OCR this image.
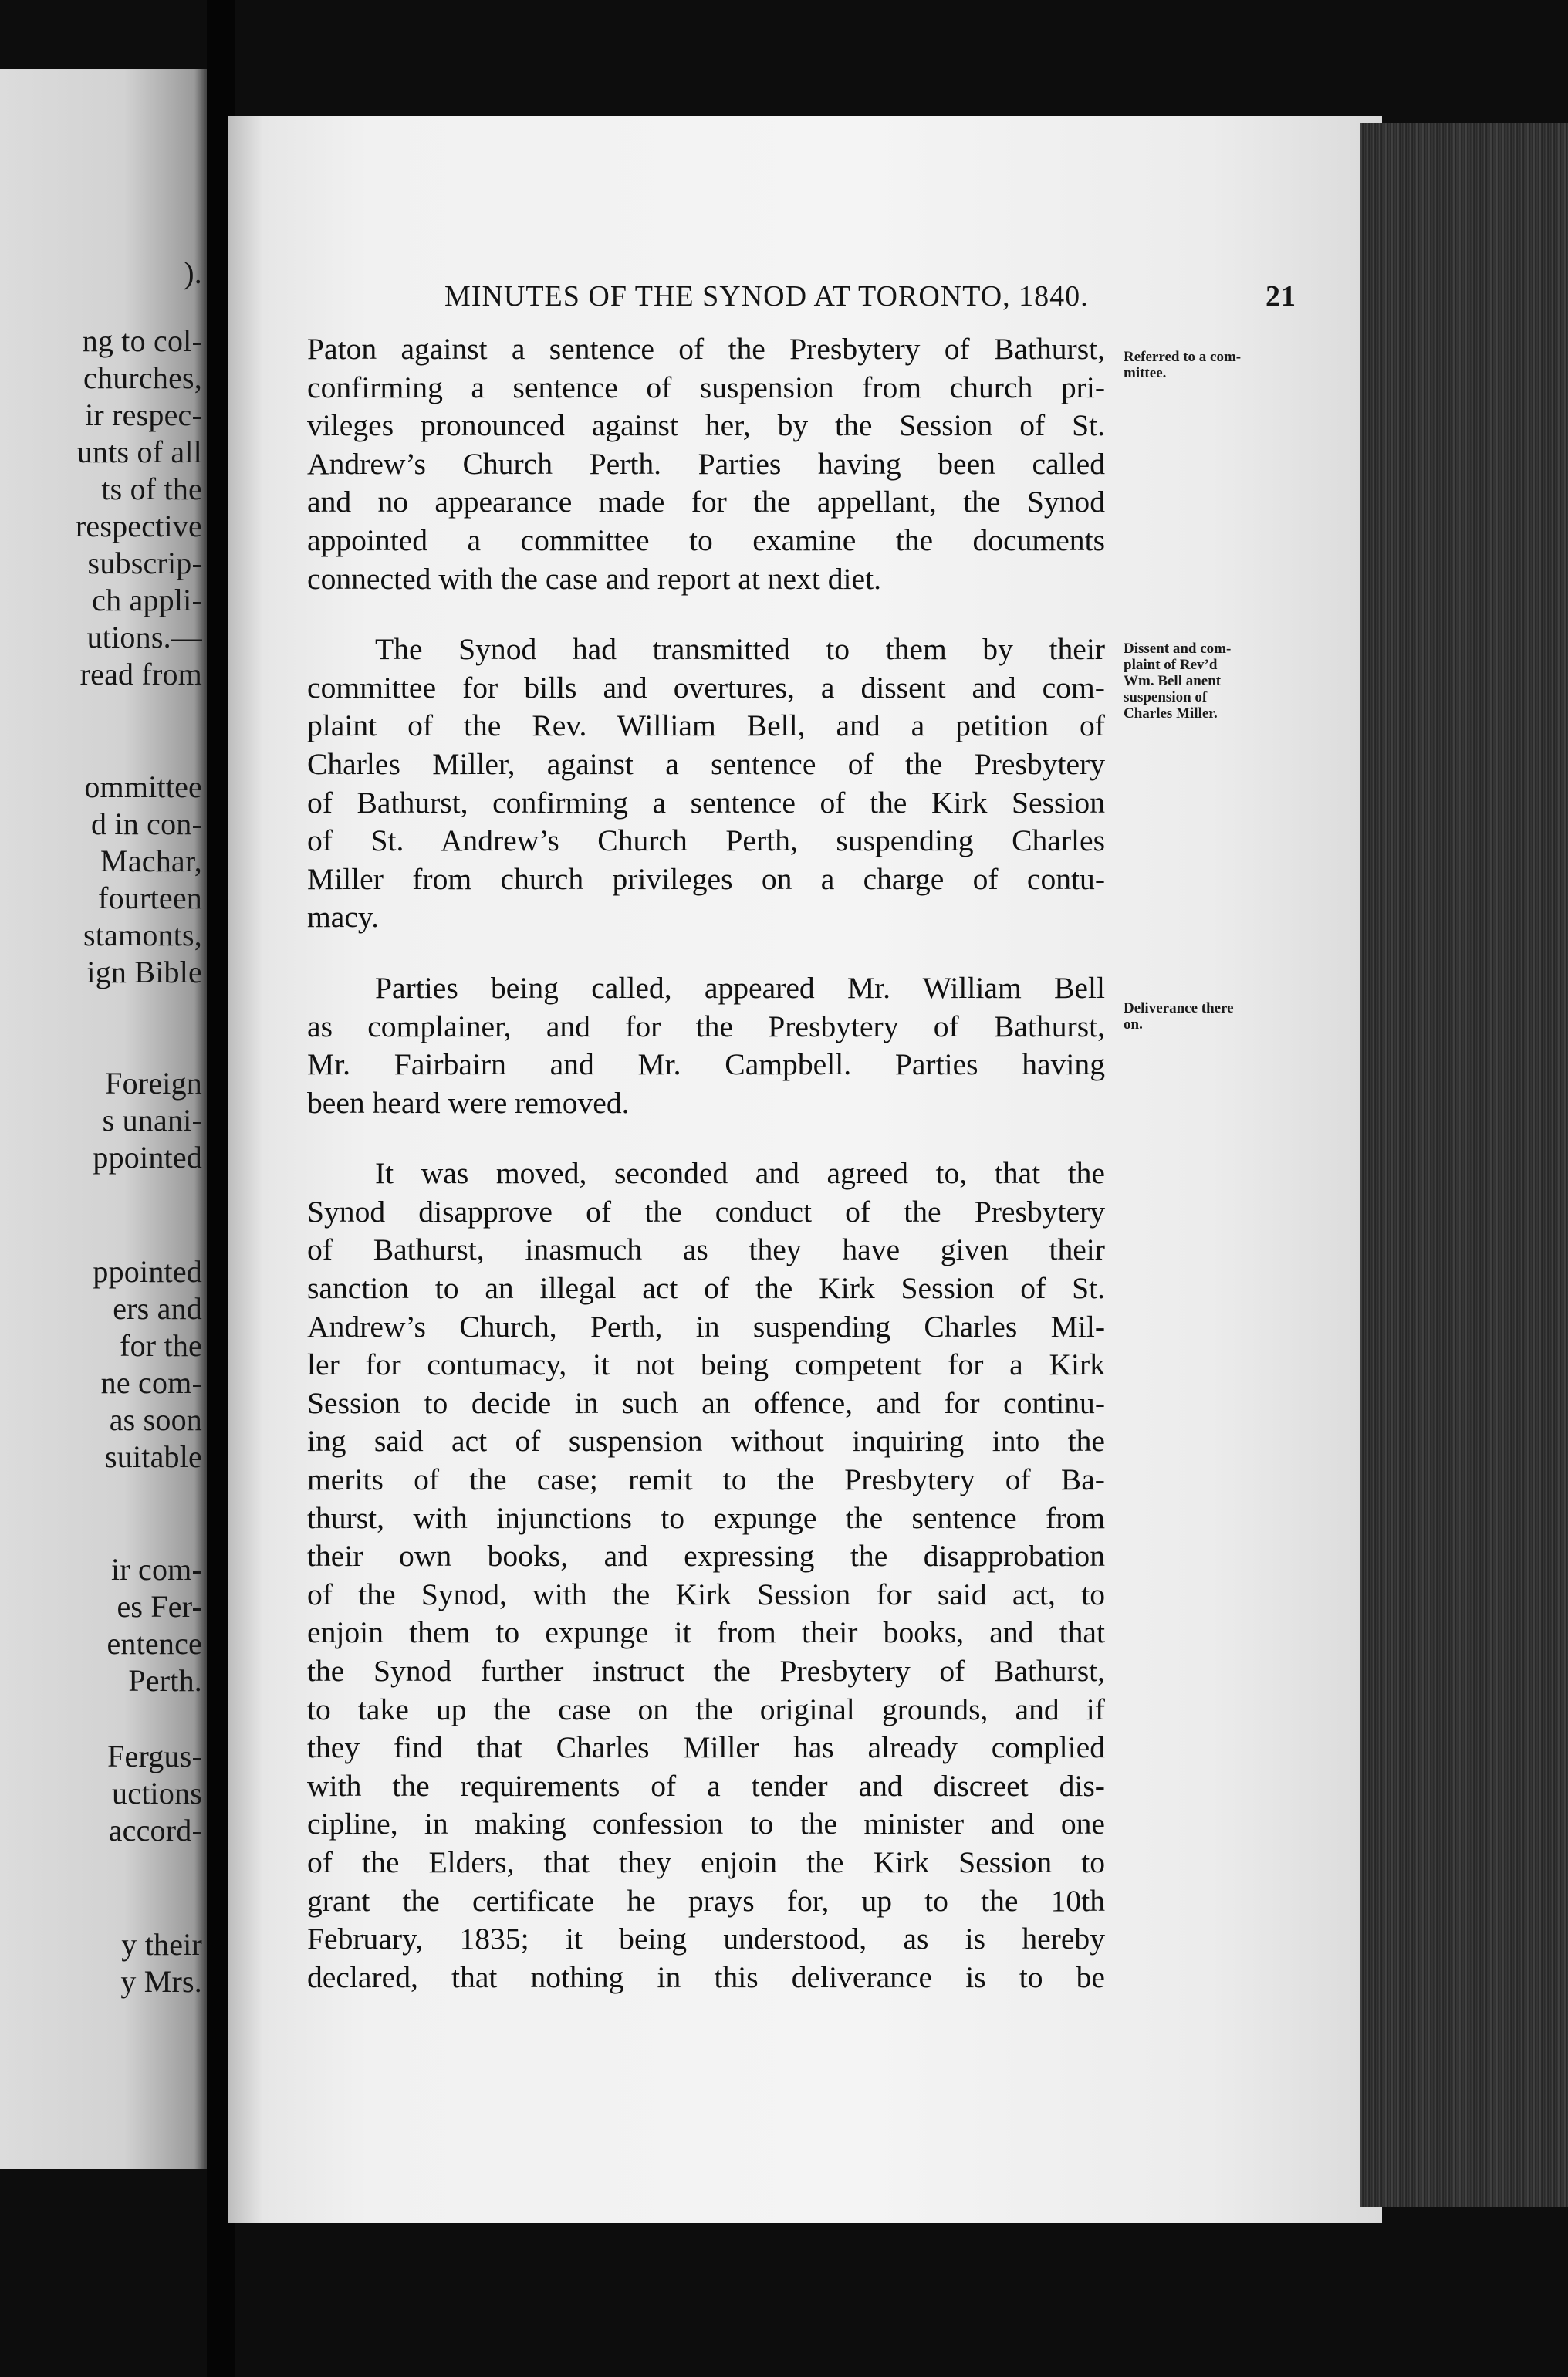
).
ng to col-
churches,
ir respec-
unts of all
ts of the
respective
subscrip-
ch appli-
utions.—
read from
ommittee
d in con-
Machar,
fourteen
stamonts,
ign Bible
Foreign
s unani-
ppointed
ppointed
ers and
for the
ne com-
as soon
suitable
ir com-
es Fer-
entence
Perth.
Fergus-
uctions
accord-
y their
y Mrs.
MINUTES OF THE SYNOD AT TORONTO, 1840.	21
Paton against a sentence of the Presbytery of Bathurst,
confirming a sentence of suspension from church pri-
vileges pronounced against her, by the Session of St.
Andrew’s Church Perth. Parties having been called
and no appearance made for the appellant, the Synod
appointed a committee to examine the documents
connected with the case and report at next diet.
The Synod had transmitted to them by their
committee for bills and overtures, a dissent and com-
plaint of the Rev. William Bell, and a petition of
Charles Miller, against a sentence of the Presbytery
of Bathurst, confirming a sentence of the Kirk Session
of St. Andrew’s Church Perth, suspending Charles
Miller from church privileges on a charge of contu-
macy.
Parties being called, appeared Mr. William Bell
as complainer, and for the Presbytery of Bathurst,
Mr. Fairbairn and Mr. Campbell. Parties having
been heard were removed.
It was moved, seconded and agreed to, that the
Synod disapprove of the conduct of the Presbytery
of Bathurst, inasmuch as they have given their
sanction to an illegal act of the Kirk Session of St.
Andrew’s Church, Perth, in suspending Charles Mil-
ler for contumacy, it not being competent for a Kirk
Session to decide in such an offence, and for continu-
ing said act of suspension without inquiring into the
merits of the case; remit to the Presbytery of Ba-
thurst, with injunctions to expunge the sentence from
their own books, and expressing the disapprobation
of the Synod, with the Kirk Session for said act, to
enjoin them to expunge it from their books, and that
the Synod further instruct the Presbytery of Bathurst,
to take up the case on the original grounds, and if
they find that Charles Miller has already complied
with the requirements of a tender and discreet dis-
cipline, in making confession to the minister and one
of the Elders, that they enjoin the Kirk Session to
grant the certificate he prays for, up to the 10th
February, 1835; it being understood, as is hereby
declared, that nothing in this deliverance is to be
Referred to a com-
mittee.
Dissent and com-
plaint of Rev’d
Wm. Bell anent
suspension of
Charles Miller.
Deliverance there
on.
